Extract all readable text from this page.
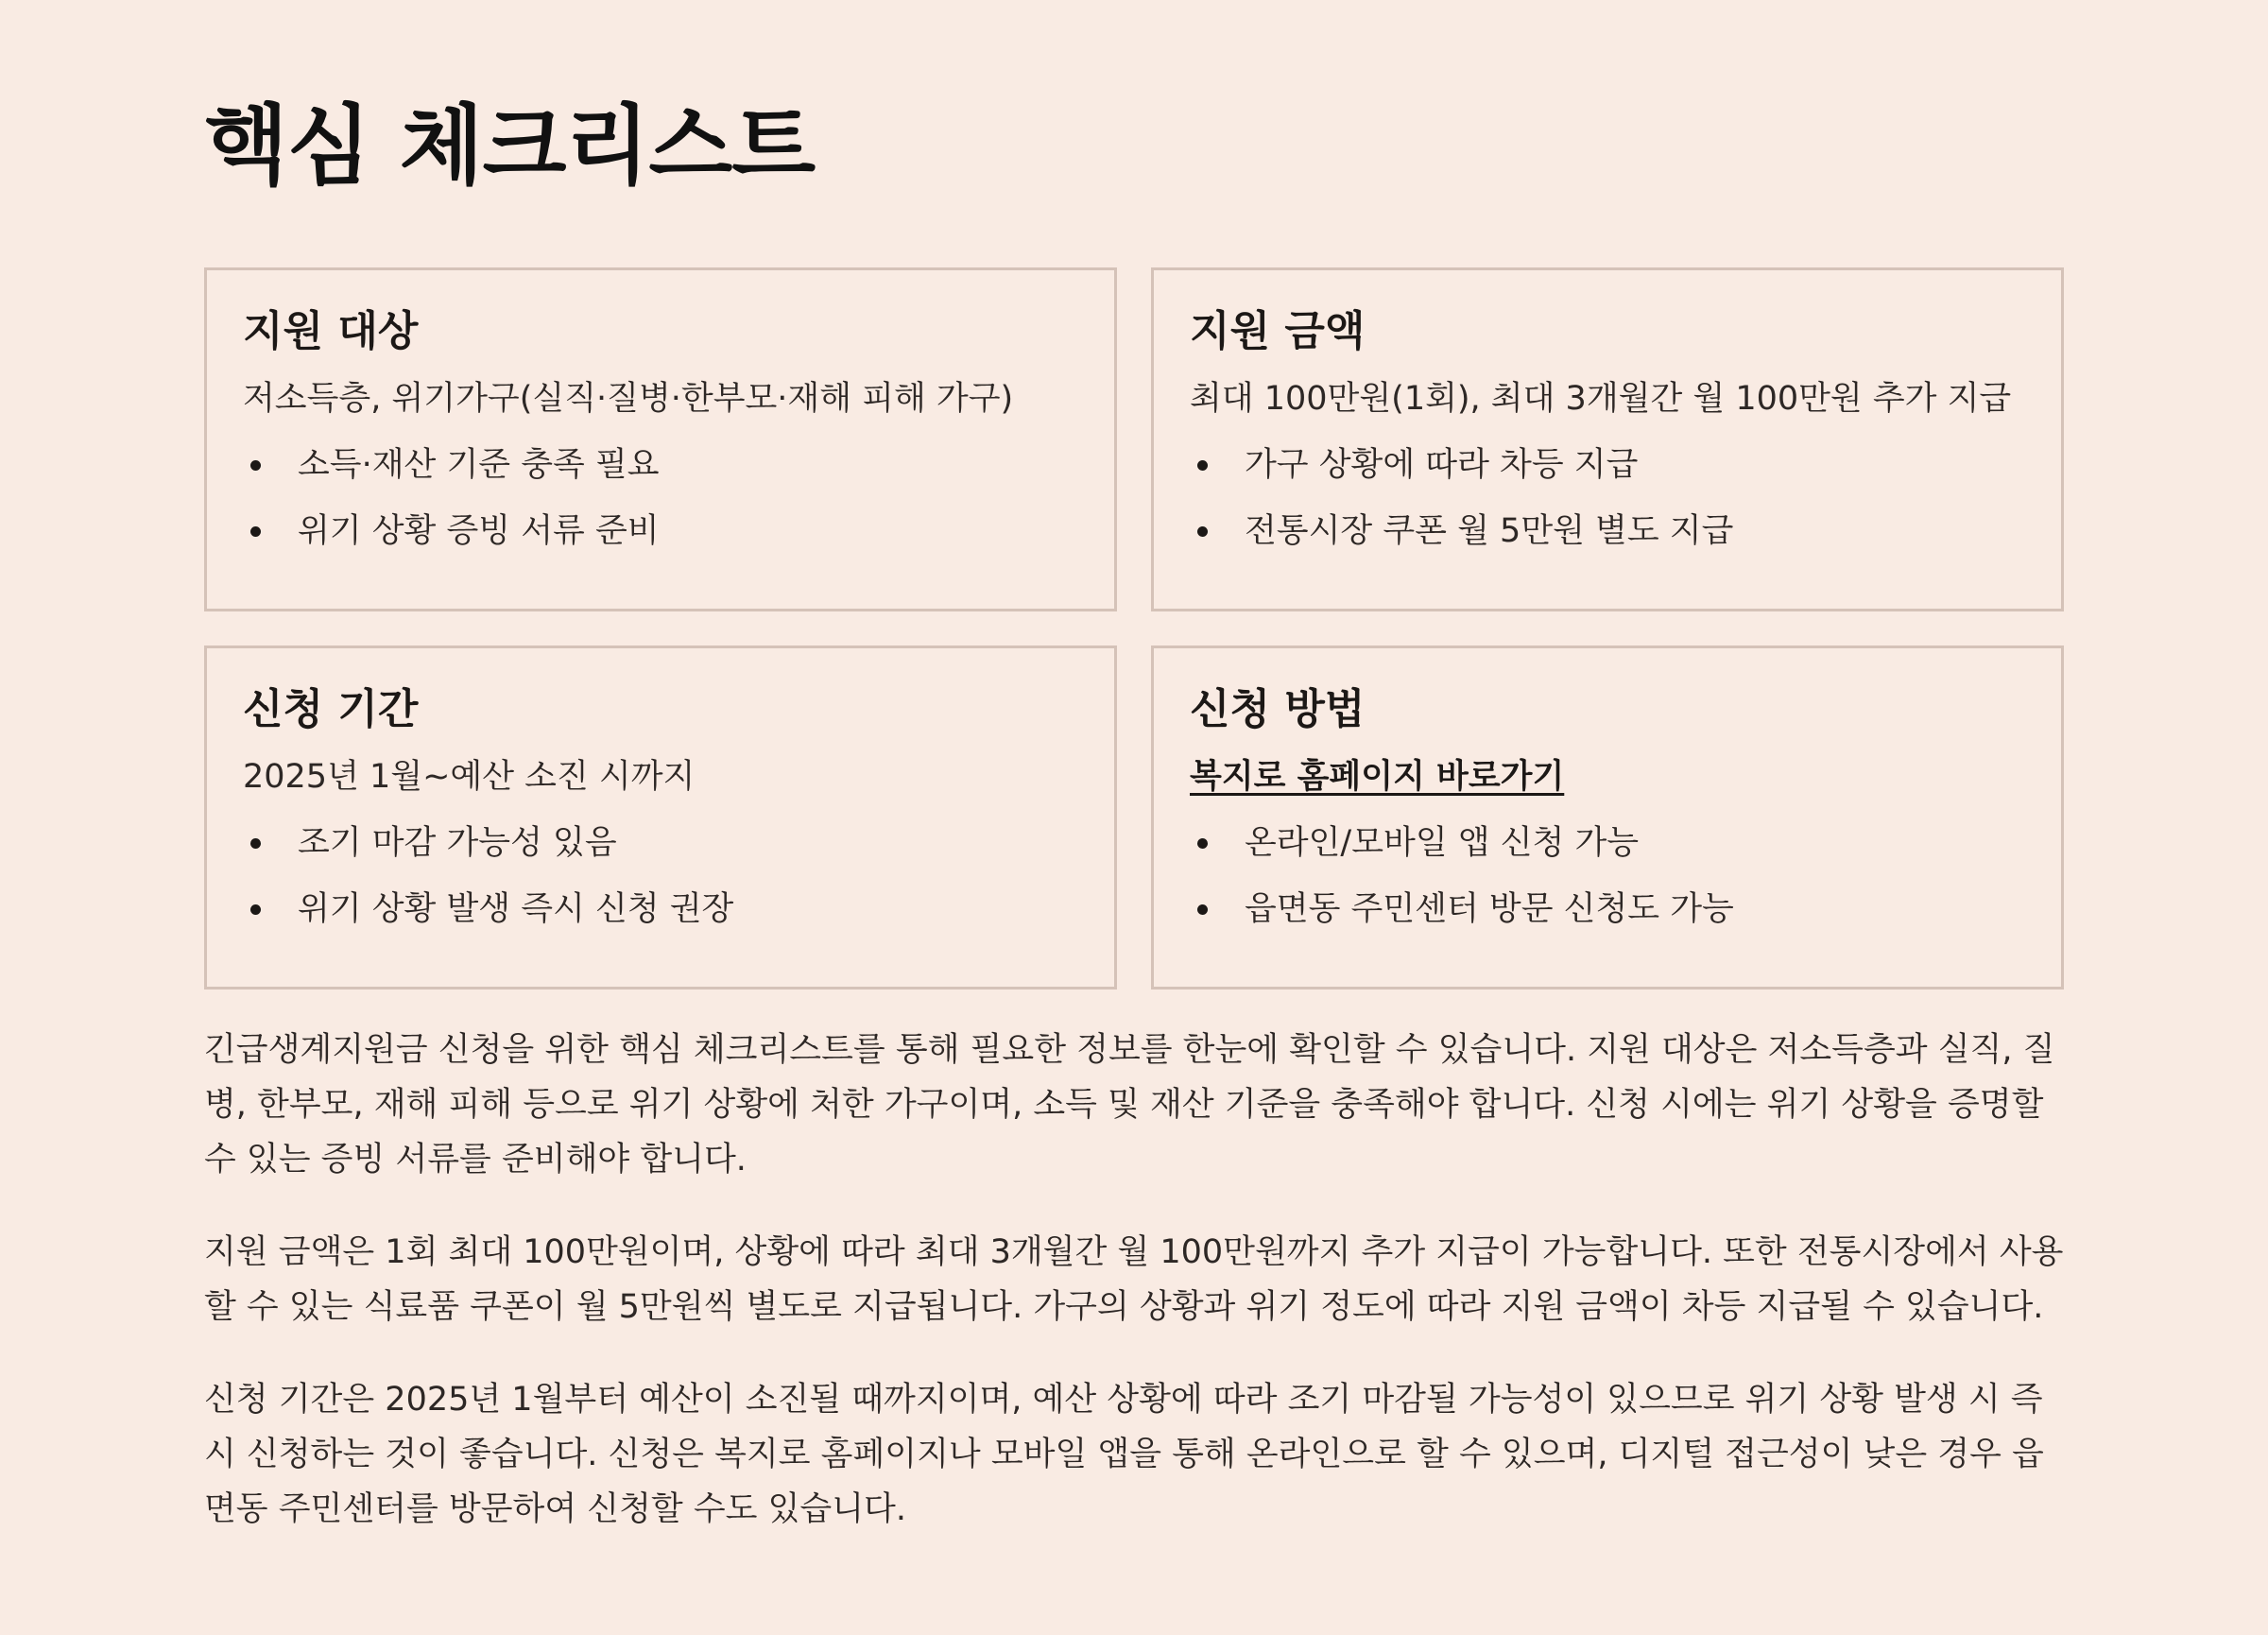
핵심 체크리스트
지원 대상

저소득층, 위기가구(실직·질병·한부모·재해 피해 가구)

소득·재산 기준 충족 필요
위기 상황 증빙 서류 준비
지원 금액

최대 100만원(1회), 최대 3개월간 월 100만원 추가 지급

가구 상황에 따라 차등 지급
전통시장 쿠폰 월 5만원 별도 지급
신청 기간

2025년 1월~예산 소진 시까지

조기 마감 가능성 있음
위기 상황 발생 즉시 신청 권장
신청 방법
복지로 홈페이지 바로가기
온라인/모바일 앱 신청 가능
읍면동 주민센터 방문 신청도 가능

긴급생계지원금 신청을 위한 핵심 체크리스트를 통해 필요한 정보를 한눈에 확인할 수 있습니다. 지원 대상은 저소득층과 실직, 질병, 한부모, 재해 피해 등으로 위기 상황에 처한 가구이며, 소득 및 재산 기준을 충족해야 합니다. 신청 시에는 위기 상황을 증명할 수 있는 증빙 서류를 준비해야 합니다.

지원 금액은 1회 최대 100만원이며, 상황에 따라 최대 3개월간 월 100만원까지 추가 지급이 가능합니다. 또한 전통시장에서 사용할 수 있는 식료품 쿠폰이 월 5만원씩 별도로 지급됩니다. 가구의 상황과 위기 정도에 따라 지원 금액이 차등 지급될 수 있습니다.

신청 기간은 2025년 1월부터 예산이 소진될 때까지이며, 예산 상황에 따라 조기 마감될 가능성이 있으므로 위기 상황 발생 시 즉시 신청하는 것이 좋습니다. 신청은 복지로 홈페이지나 모바일 앱을 통해 온라인으로 할 수 있으며, 디지털 접근성이 낮은 경우 읍면동 주민센터를 방문하여 신청할 수도 있습니다.
